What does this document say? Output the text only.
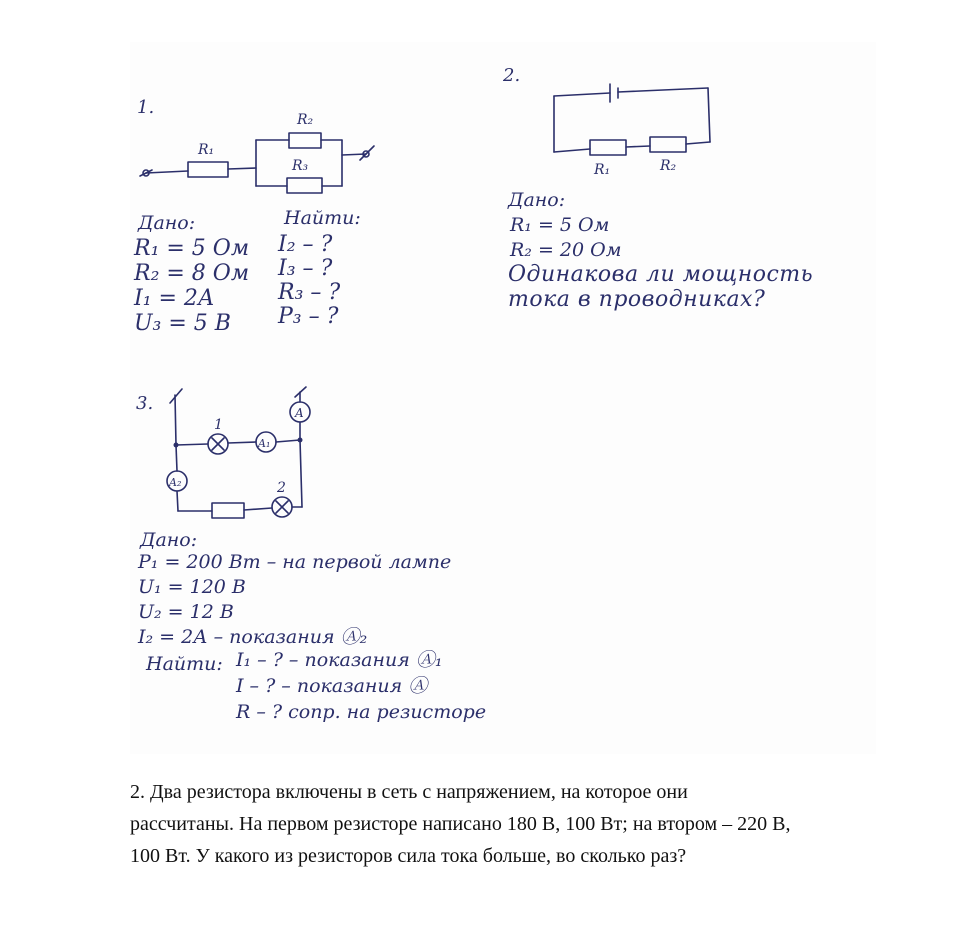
1.

R₁
R₂
R₃

Дано:

R₁ = 5 Ом

R₂ = 8 Ом

I₁ = 2А

U₃ = 5 В

Найти:

I₂ – ?

I₃ – ?

R₃ – ?

P₃ – ?

2.

R₁	R₂

Дано:

R₁ = 5 Ом

R₂ = 20 Ом

Одинакова ли мощность

тока в проводниках?

3.

1
2
A
A₁
A₂

Дано:

P₁ = 200 Вт – на первой лампе

U₁ = 120 В

U₂ = 12 В

I₂ = 2А – показания Ⓐ₂

Найти: I₁ – ? – показания Ⓐ₁

I – ? – показания Ⓐ

R – ? сопр. на резисторе

2. Два резистора включены в сеть с напряжением, на которое они
рассчитаны. На первом резисторе написано 180 В, 100 Вт; на втором – 220 В,
100 Вт. У какого из резисторов сила тока больше, во сколько раз?
